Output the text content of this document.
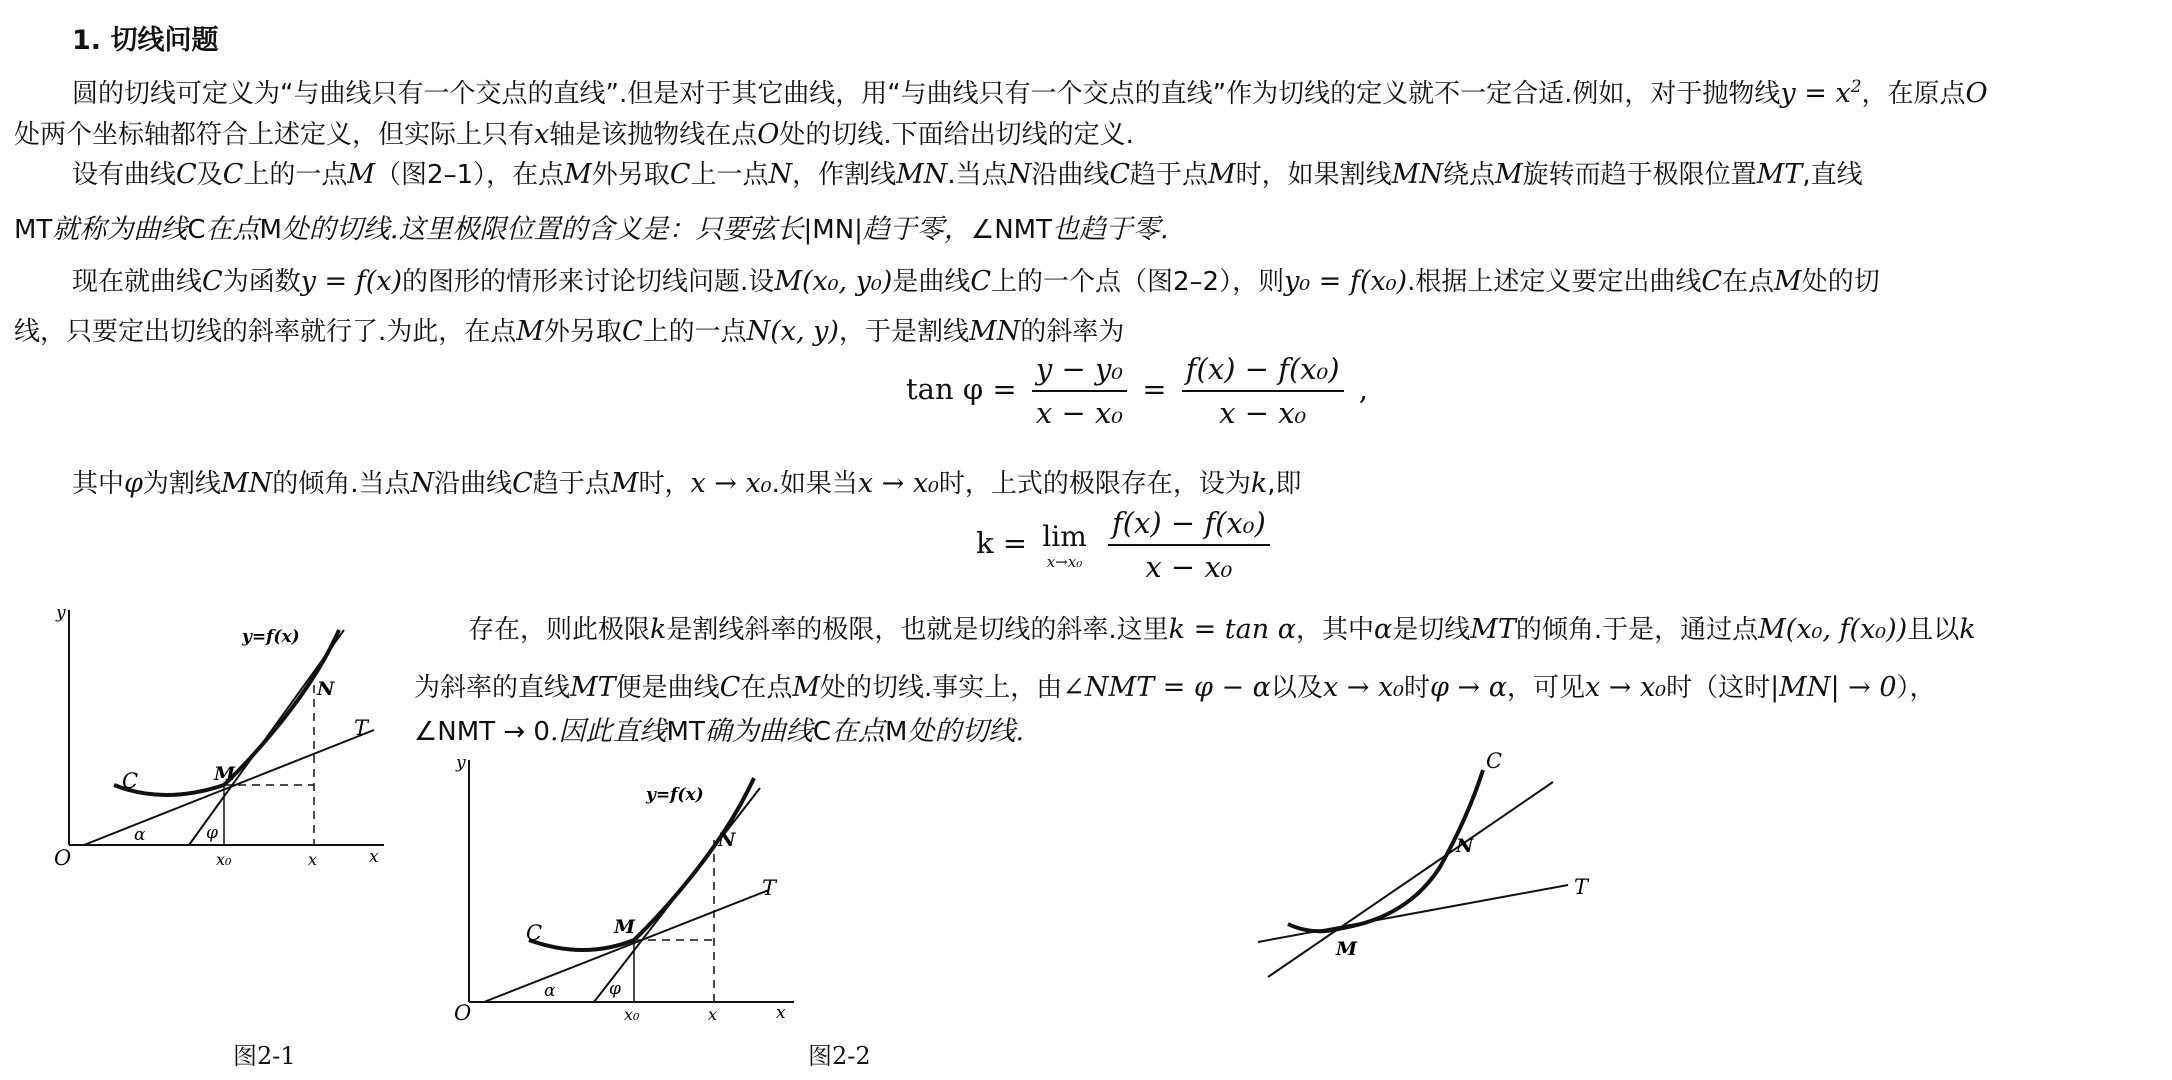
1. 切线问题
圆的切线可定义为“与曲线只有一个交点的直线”.但是对于其它曲线，用“与曲线只有一个交点的直线”作为切线的定义就不一定合适.例如，对于抛物线$y = x^2$，在原点O
处两个坐标轴都符合上述定义，但实际上只有x轴是该抛物线在点O处的切线.下面给出切线的定义.
设有曲线C及C上的一点M（图2–1），在点M外另取C上一点N，作割线MN.当点N沿曲线C趋于点M时，如果割线MN绕点M旋转而趋于极限位置MT,直线
MT就称为曲线C在点M处的切线.这里极限位置的含义是：只要弦长|MN|趋于零，∠NMT也趋于零.
现在就曲线C为函数y = f(x)的图形的情形来讨论切线问题.设M(x₀, y₀)是曲线C上的一个点（图2–2），则y₀ = f(x₀).根据上述定义要定出曲线C在点M处的切
线，只要定出切线的斜率就行了.为此，在点M外另取C上的一点N(x, y)，于是割线MN的斜率为
$\tan \varphi = \frac{\text{y − y₀}}{\text{x − x₀}} = \frac{\text{f(x) − f(x₀)}}{\text{x − x₀}}$ ,
其中φ为割线MN的倾角.当点N沿曲线C趋于点M时，x → x₀.如果当x → x₀时，上式的极限存在，设为k,即
k = lim
x→x₀
$\frac{\text{f(x) − f(x₀)}}{\text{x − x₀}}$
存在，则此极限k是割线斜率的极限，也就是切线的斜率.这里k = tan α，其中α是切线MT的倾角.于是，通过点M(x₀, f(x₀))且以k
为斜率的直线MT便是曲线C在点M处的切线.事实上，由∠NMT = φ − α以及x → x₀时φ → α，可见x → x₀时（这时|MN| → 0），
∠NMT → 0.因此直线MT确为曲线C在点M处的切线.
y=f(x)
C	M
N
T
O	x₀	x	x
y
α	φ
图2-1
y=f(x)
C	M
N
T
O	x₀	x	x
y
α	φ
图2-2
C
N
T
M
